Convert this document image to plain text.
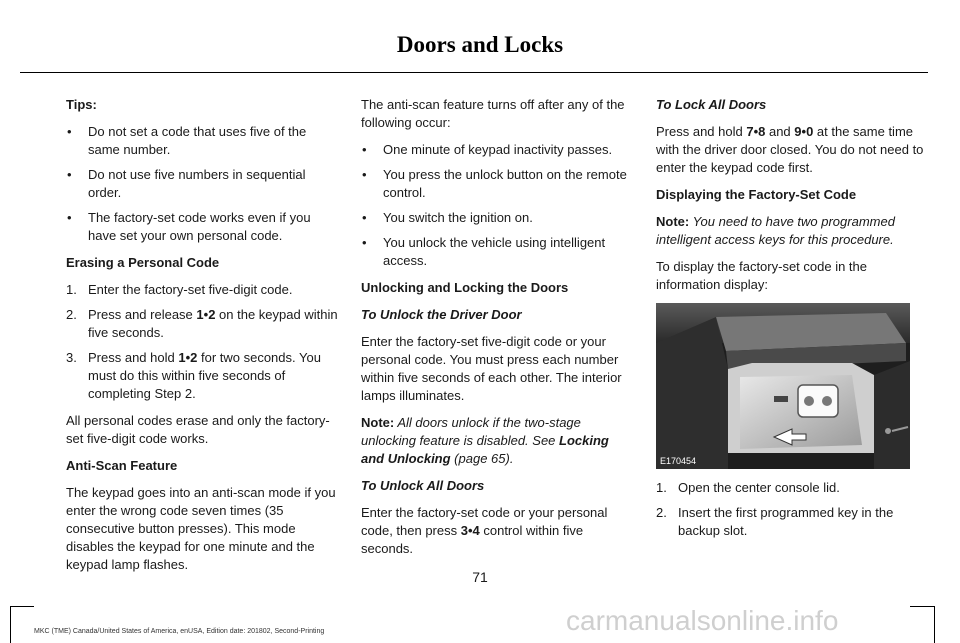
Doors and Locks

Tips:

• Do not set a code that uses five of the same number.
• Do not use five numbers in sequential order.
• The factory-set code works even if you have set your own personal code.

Erasing a Personal Code

1. Enter the factory-set five-digit code.
2. Press and release 1•2 on the keypad within five seconds.
3. Press and hold 1•2 for two seconds. You must do this within five seconds of completing Step 2.

All personal codes erase and only the factory-set five-digit code works.

Anti-Scan Feature

The keypad goes into an anti-scan mode if you enter the wrong code seven times (35 consecutive button presses). This mode disables the keypad for one minute and the keypad lamp flashes.

The anti-scan feature turns off after any of the following occur:

• One minute of keypad inactivity passes.
• You press the unlock button on the remote control.
• You switch the ignition on.
• You unlock the vehicle using intelligent access.

Unlocking and Locking the Doors

To Unlock the Driver Door

Enter the factory-set five-digit code or your personal code. You must press each number within five seconds of each other. The interior lamps illuminates.

Note: All doors unlock if the two-stage unlocking feature is disabled. See Locking and Unlocking (page 65).

To Unlock All Doors

Enter the factory-set code or your personal code, then press 3•4 control within five seconds.

To Lock All Doors

Press and hold 7•8 and 9•0 at the same time with the driver door closed. You do not need to enter the keypad code first.

Displaying the Factory-Set Code

Note: You need to have two programmed intelligent access keys for this procedure.

To display the factory-set code in the information display:

E170454
1. Open the center console lid.
2. Insert the first programmed key in the backup slot.
71
carmanualsonline.info
MKC (TME) Canada/United States of America, enUSA, Edition date: 201802, Second-Printing
